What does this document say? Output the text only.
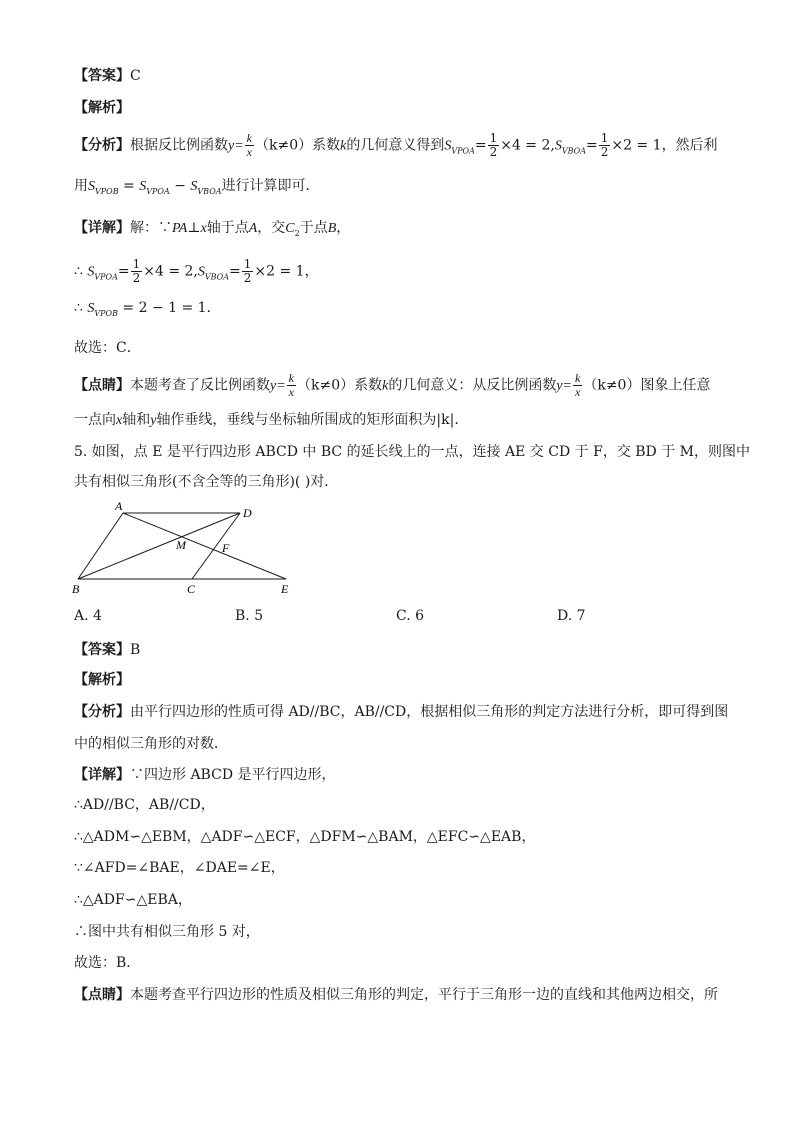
【答案】C
【解析】
【分析】根据反比例函数$y= \frac{k}{x} (k\ne 0)$系数k的几何意义得到$S_{VPOA}= \frac{1}{2} \times 4 = 2,S_{VBOA}= \frac{1}{2} \times 2 = 1$，然后利
用$S_{VPOB} = S_{VPOA} - S_{VBOA}$进行计算即可．
【详解】解：∵PA⊥x轴于点A，交$C_2$于点B，
∴ $S_{VPOA}= \frac{1}{2} \times 4 = 2,S_{VBOA}= \frac{1}{2} \times 2 = 1$，
∴ $S_{VPOB} = 2 - 1 = 1$．
故选：C．
【点睛】本题考查了反比例函数$y= \frac{k}{x} (k\ne 0)$系数k的几何意义：从反比例函数$y= \frac{k}{x} (k\ne 0)$图象上任意
一点向x轴和y轴作垂线，垂线与坐标轴所围成的矩形面积为|k|．
5. 如图，点 E 是平行四边形 ABCD 中 BC 的延长线上的一点，连接 AE 交 CD 于 F，交 BD 于 M，则图中
共有相似三角形(不含全等的三角形)( )对．
A	D
M	F
B	C	E
A. 4	B. 5	C. 6	D. 7
【答案】B
【解析】
【分析】由平行四边形的性质可得 AD//BC，AB//CD，根据相似三角形的判定方法进行分析，即可得到图
中的相似三角形的对数．
【详解】∵四边形 ABCD 是平行四边形，
∴AD//BC，AB//CD，
∴△ADM∽△EBM，△ADF∽△ECF，△DFM∽△BAM，△EFC∽△EAB，
∵∠AFD=∠BAE，∠DAE=∠E，
∴△ADF∽△EBA，
∴图中共有相似三角形 5 对，
故选：B．
【点睛】本题考查平行四边形的性质及相似三角形的判定，平行于三角形一边的直线和其他两边相交，所
